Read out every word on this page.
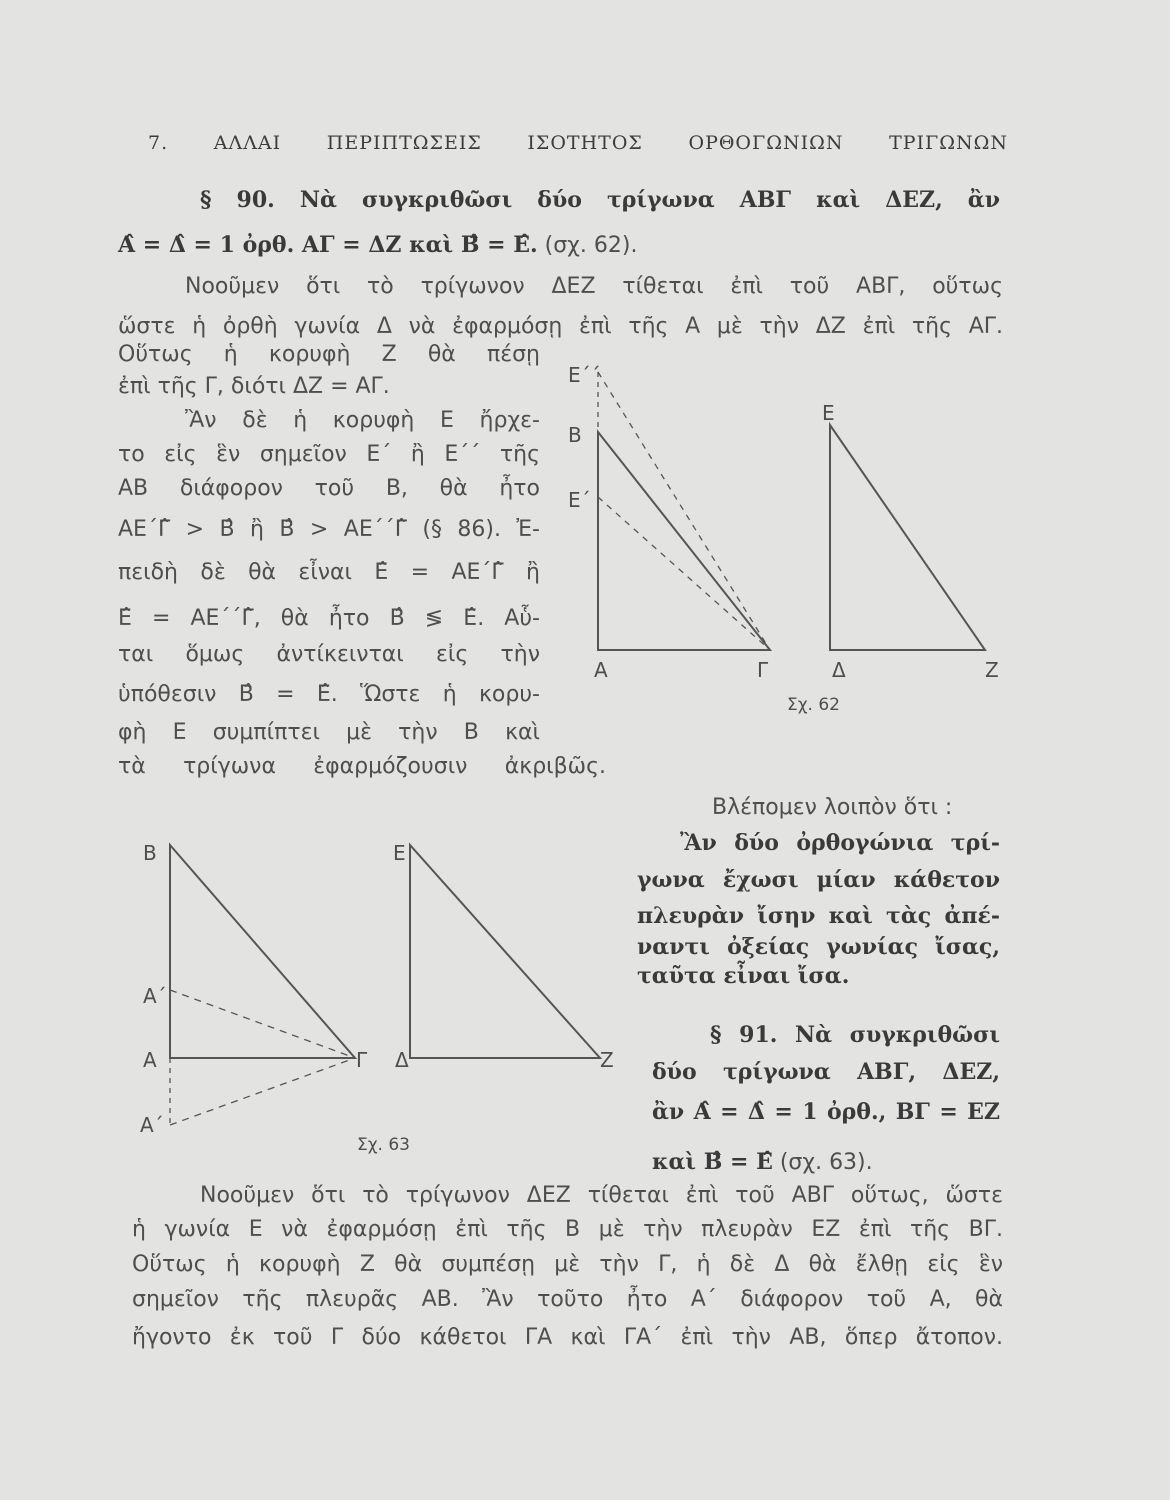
7. ΑΛΛΑΙ ΠΕΡΙΠΤΩΣΕΙΣ ΙΣΟΤΗΤΟΣ ΟΡΘΟΓΩΝΙΩΝ ΤΡΙΓΩΝΩΝ
§ 90. Νὰ συγκριθῶσι δύο τρίγωνα ΑΒΓ καὶ ΔΕΖ, ἂν
Α̂ = Δ̂ = 1 ὀρθ. ΑΓ = ΔΖ καὶ Β̂ = Ε̂. (σχ. 62).
Νοοῦμεν ὅτι τὸ τρίγωνον ΔΕΖ τίθεται ἐπὶ τοῦ ΑΒΓ, οὕτως
ὥστε ἡ ὀρθὴ γωνία Δ νὰ ἐφαρμόσῃ ἐπὶ τῆς Α μὲ τὴν ΔΖ ἐπὶ τῆς ΑΓ.
Οὕτως ἡ κορυφὴ Ζ θὰ πέσῃ
ἐπὶ τῆς Γ, διότι ΔΖ = ΑΓ.
Ἂν δὲ ἡ κορυφὴ Ε ἤρχε-
το εἰς ἓν σημεῖον Ε΄ ἢ Ε΄΄ τῆς
ΑΒ διάφορον τοῦ Β, θὰ ἦτο
ΑΕ΄Γ̂ > Β̂ ἢ Β̂ > ΑΕ΄΄Γ̂ (§ 86). Ἐ-
πειδὴ δὲ θὰ εἶναι Ε̂ = ΑΕ΄Γ̂ ἢ
Ε̂ = ΑΕ΄΄Γ̂, θὰ ἦτο Β̂ ≶ Ε̂. Αὗ-
ται ὅμως ἀντίκεινται εἰς τὴν
ὑπόθεσιν Β̂ = Ε̂. Ὥστε ἡ κορυ-
φὴ Ε συμπίπτει μὲ τὴν Β καὶ
τὰ τρίγωνα ἐφαρμόζουσιν ἀκριβῶς.
Βλέπομεν λοιπὸν ὅτι :
Ἂν δύο ὀρθογώνια τρί-
γωνα ἔχωσι μίαν κάθετον
πλευρὰν ἴσην καὶ τὰς ἀπέ-
ναντι ὀξείας γωνίας ἴσας,
ταῦτα εἶναι ἴσα.
§ 91. Νὰ συγκριθῶσι
δύο τρίγωνα ΑΒΓ, ΔΕΖ,
ἂν Α̂ = Δ̂ = 1 ὀρθ., ΒΓ = ΕΖ
καὶ Β̂ = Ε̂ (σχ. 63).
Νοοῦμεν ὅτι τὸ τρίγωνον ΔΕΖ τίθεται ἐπὶ τοῦ ΑΒΓ οὕτως, ὥστε
ἡ γωνία Ε νὰ ἐφαρμόσῃ ἐπὶ τῆς Β μὲ τὴν πλευρὰν ΕΖ ἐπὶ τῆς ΒΓ.
Οὕτως ἡ κορυφὴ Ζ θὰ συμπέσῃ μὲ τὴν Γ, ἡ δὲ Δ θὰ ἔλθῃ εἰς ἓν
σημεῖον τῆς πλευρᾶς ΑΒ. Ἂν τοῦτο ἦτο Α΄ διάφορον τοῦ Α, θὰ
ἤγοντο ἐκ τοῦ Γ δύο κάθετοι ΓΑ καὶ ΓΑ΄ ἐπὶ τὴν ΑΒ, ὅπερ ἄτοπον.
Ε΄΄
Β
Ε΄
Α	Γ
Ε
Δ	Ζ
Σχ. 62
Β
Α΄
Α
Α΄
Γ
Ε
Δ	Ζ
Σχ. 63
